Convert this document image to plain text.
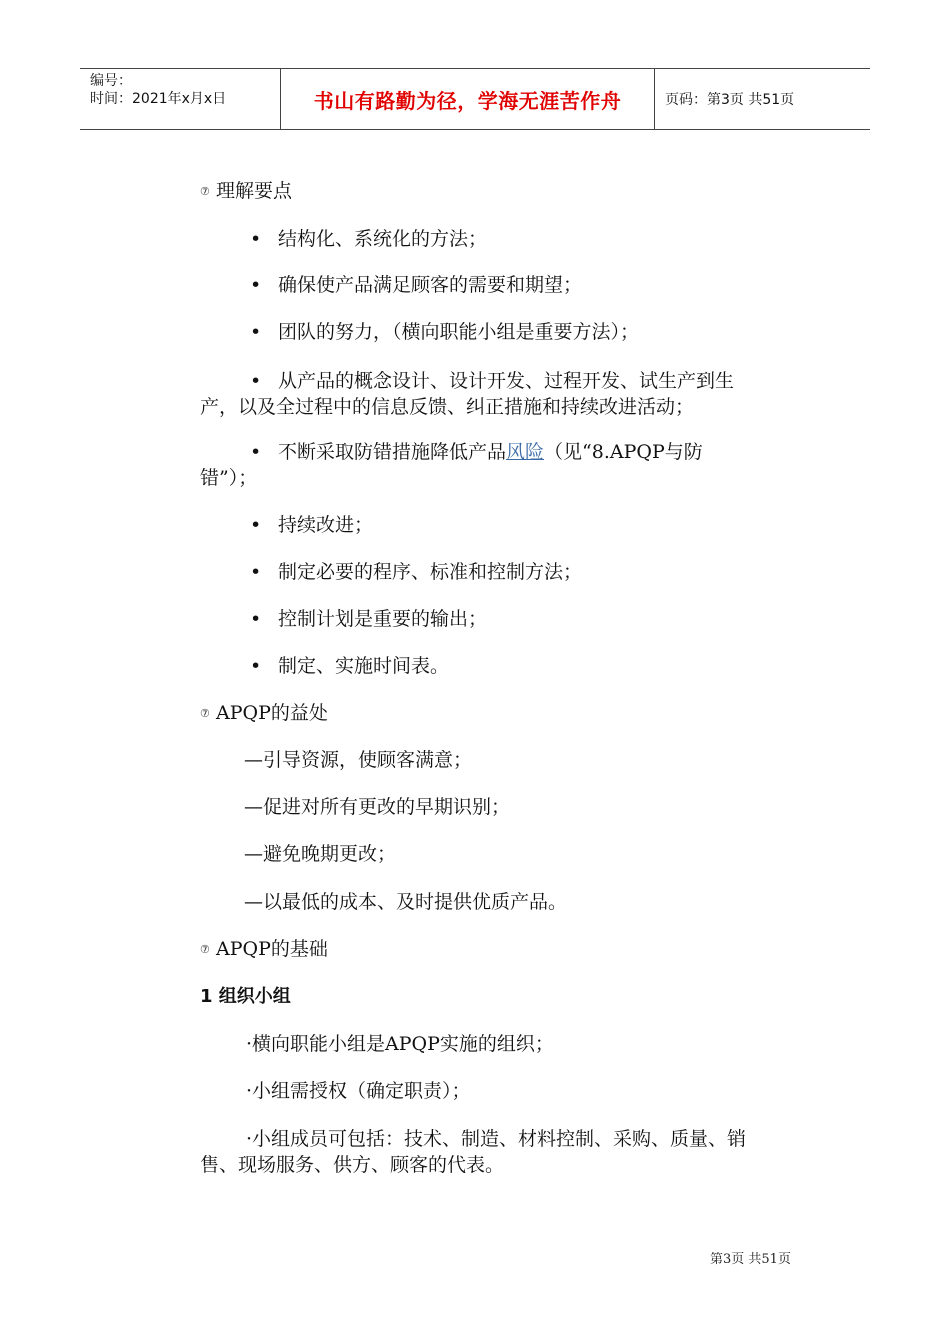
编号：
时间：2021年x月x日	书山有路勤为径，学海无涯苦作舟	页码：第3页 共51页
⑦ 理解要点
• 结构化、系统化的方法；
• 确保使产品满足顾客的需要和期望；
• 团队的努力，（横向职能小组是重要方法）；
• 从产品的概念设计、设计开发、过程开发、试生产到生
产，以及全过程中的信息反馈、纠正措施和持续改进活动；
• 不断采取防错措施降低产品风险（见“8.APQP与防
错”）；
• 持续改进；
• 制定必要的程序、标准和控制方法；
• 控制计划是重要的输出；
• 制定、实施时间表。
⑦ APQP的益处
—引导资源，使顾客满意；
—促进对所有更改的早期识别；
—避免晚期更改；
—以最低的成本、及时提供优质产品。
⑦ APQP的基础
1 组织小组
·横向职能小组是APQP实施的组织；
·小组需授权（确定职责）；
·小组成员可包括：技术、制造、材料控制、采购、质量、销
售、现场服务、供方、顾客的代表。
第3页 共51页
